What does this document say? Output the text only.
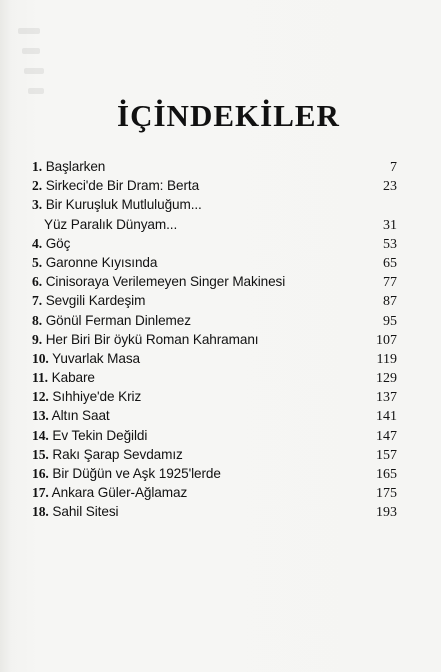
İÇİNDEKİLER
1. Başlarken	7
2. Sirkeci'de Bir Dram: Berta	23
3. Bir Kuruşluk Mutluluğum...
Yüz Paralık Dünyam...	31
4. Göç	53
5. Garonne Kıyısında	65
6. Cinisoraya Verilemeyen Singer Makinesi	77
7. Sevgili Kardeşim	87
8. Gönül Ferman Dinlemez	95
9. Her Biri Bir öykü Roman Kahramanı	107
10. Yuvarlak Masa	119
11. Kabare	129
12. Sıhhiye'de Kriz	137
13. Altın Saat	141
14. Ev Tekin Değildi	147
15. Rakı Şarap Sevdamız	157
16. Bir Düğün ve Aşk 1925'lerde	165
17. Ankara Güler-Ağlamaz	175
18. Sahil Sitesi	193
